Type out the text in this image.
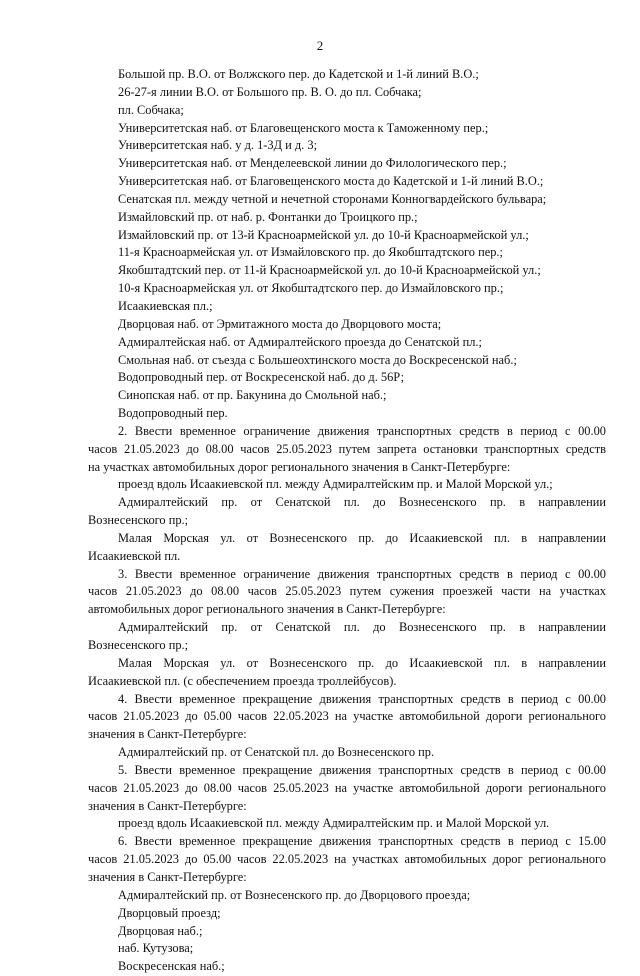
2
Большой пр. В.О. от Волжского пер. до Кадетской и 1-й линий В.О.;
26-27-я линии В.О. от Большого пр. В. О. до пл. Собчака;
пл. Собчака;
Университетская наб. от Благовещенского моста к Таможенному пер.;
Университетская наб. у д. 1-3Д и д. 3;
Университетская наб. от Менделеевской линии до Филологического пер.;
Университетская наб. от Благовещенского моста до Кадетской и 1-й линий В.О.;
Сенатская пл. между четной и нечетной сторонами Конногвардейского бульвара;
Измайловский пр. от наб. р. Фонтанки до Троицкого пр.;
Измайловский пр. от 13-й Красноармейской ул. до 10-й Красноармейской ул.;
11-я Красноармейская ул. от Измайловского пр. до Якобштадтского пер.;
Якобштадтский пер. от 11-й Красноармейской ул. до 10-й Красноармейской ул.;
10-я Красноармейская ул. от Якобштадтского пер. до Измайловского пр.;
Исаакиевская пл.;
Дворцовая наб. от Эрмитажного моста до Дворцового моста;
Адмиралтейская наб. от Адмиралтейского проезда до Сенатской пл.;
Смольная наб. от съезда с Большеохтинского моста до Воскресенской наб.;
Водопроводный пер. от Воскресенской наб. до д. 56Р;
Синопская наб. от пр. Бакунина до Смольной наб.;
Водопроводный пер.
2. Ввести временное ограничение движения транспортных средств в период с 00.00
часов 21.05.2023 до 08.00 часов 25.05.2023 путем запрета остановки транспортных средств
на участках автомобильных дорог регионального значения в Санкт-Петербурге:
проезд вдоль Исаакиевской пл. между Адмиралтейским пр. и Малой Морской ул.;
Адмиралтейский пр. от Сенатской пл. до Вознесенского пр. в направлении
Вознесенского пр.;
Малая Морская ул. от Вознесенского пр. до Исаакиевской пл. в направлении
Исаакиевской пл.
3. Ввести временное ограничение движения транспортных средств в период с 00.00
часов 21.05.2023 до 08.00 часов 25.05.2023 путем сужения проезжей части на участках
автомобильных дорог регионального значения в Санкт-Петербурге:
Адмиралтейский пр. от Сенатской пл. до Вознесенского пр. в направлении
Вознесенского пр.;
Малая Морская ул. от Вознесенского пр. до Исаакиевской пл. в направлении
Исаакиевской пл. (с обеспечением проезда троллейбусов).
4. Ввести временное прекращение движения транспортных средств в период с 00.00
часов 21.05.2023 до 05.00 часов 22.05.2023 на участке автомобильной дороги регионального
значения в Санкт-Петербурге:
Адмиралтейский пр. от Сенатской пл. до Вознесенского пр.
5. Ввести временное прекращение движения транспортных средств в период с 00.00
часов 21.05.2023 до 08.00 часов 25.05.2023 на участке автомобильной дороги регионального
значения в Санкт-Петербурге:
проезд вдоль Исаакиевской пл. между Адмиралтейским пр. и Малой Морской ул.
6. Ввести временное прекращение движения транспортных средств в период с 15.00
часов 21.05.2023 до 05.00 часов 22.05.2023 на участках автомобильных дорог регионального
значения в Санкт-Петербурге:
Адмиралтейский пр. от Вознесенского пр. до Дворцового проезда;
Дворцовый проезд;
Дворцовая наб.;
наб. Кутузова;
Воскресенская наб.;
